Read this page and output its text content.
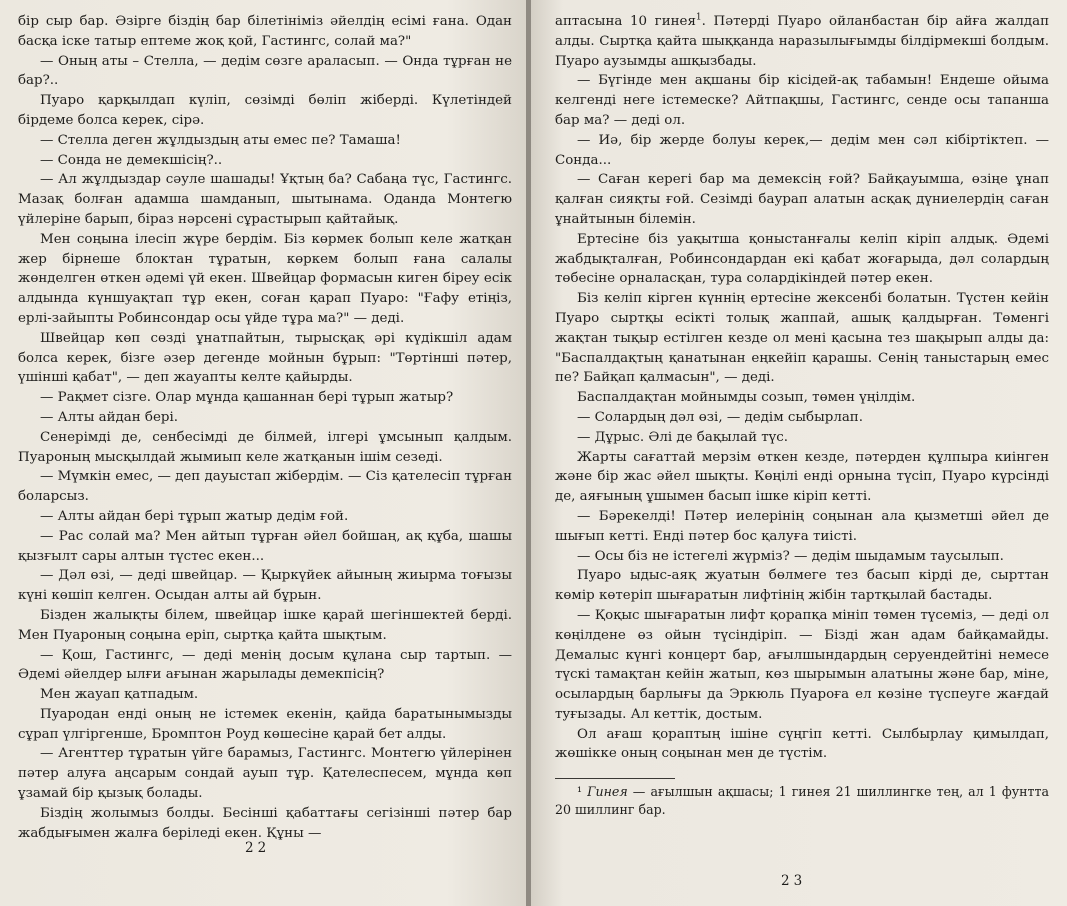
бір сыр бар. Әзірге біздің бар білетініміз әйелдің есімі ғана. Одан басқа іске татыр ептеме жоқ қой, Гастингс, солай ма?"

— Оның аты – Стелла, — дедім сөзге араласып. — Онда тұрған не бар?..

Пуаро қарқылдап күліп, сөзімді бөліп жіберді. Күлетіндей бірдеме болса керек, сірә.

— Стелла деген жұлдыздың аты емес пе? Тамаша!

— Сонда не демекшісің?..

— Ал жұлдыздар сәуле шашады! Ұқтың ба? Сабаңа түс, Гастингс. Мазақ болған адамша шамданып, шытынама. Оданда Монтегю үйлеріне барып, біраз нәрсені сұрастырып қайтайық.

Мен соңына ілесіп жүре бердім. Біз көрмек болып келе жатқан жер бірнеше блоктан тұратын, көркем болып ғана салалы жөнделген өткен әдемі үй екен. Швейцар формасын киген біреу есік алдында күншуақтап тұр екен, соған қарап Пуаро: "Ғафу етіңіз, ерлі-зайыпты Робинсондар осы үйде тұра ма?" — деді.

Швейцар көп сөзді ұнатпайтын, тырысқақ әрі күдікшіл адам болса керек, бізге әзер дегенде мойнын бұрып: "Төртінші пәтер, үшінші қабат", — деп жауапты келте қайырды.

— Рақмет сізге. Олар мұнда қашаннан бері тұрып жатыр?

— Алты айдан бері.

Сенерімді де, сенбесімді де білмей, ілгері ұмсынып қалдым. Пуароның мысқылдай жымиып келе жатқанын ішім сезеді.

— Мүмкін емес, — деп дауыстап жібердім. — Сіз қателесіп тұрған боларсыз.

— Алты айдан бері тұрып жатыр дедім ғой.

— Рас солай ма? Мен айтып тұрған әйел бойшаң, ақ құба, шашы қызғылт сары алтын түстес екен...

— Дәл өзі, — деді швейцар. — Қыркүйек айының жиырма тоғызы күні көшіп келген. Осыдан алты ай бұрын.

Бізден жалықты білем, швейцар ішке қарай шегіншектей берді. Мен Пуароның соңына еріп, сыртқа қайта шықтым.

— Қош, Гастингс, — деді менің досым құлана сыр тартып. — Әдемі әйелдер ылғи ағынан жарылады демекпісің?

Мен жауап қатпадым.

Пуародан енді оның не істемек екенін, қайда баратынымызды сұрап үлгіргенше, Бромптон Роуд көшесіне қарай бет алды.

— Агенттер тұратын үйге барамыз, Гастингс. Монтегю үйлерінен пәтер алуға аңсарым сондай ауып тұр. Қателеспесем, мұнда көп ұзамай бір қызық болады.

Біздің жолымыз болды. Бесінші қабаттағы сегізінші пәтер бар жабдығымен жалға беріледі екен. Құны —

22

аптасына 10 гинея$^1$. Пәтерді Пуаро ойланбастан бір айға жалдап алды. Сыртқа қайта шыққанда наразылығымды білдірмекші болдым. Пуаро аузымды ашқызбады.

— Бүгінде мен ақшаны бір кісідей-ақ табамын! Ендеше ойыма келгенді неге істемеске? Айтпақшы, Гастингс, сенде осы тапанша бар ма? — деді ол.

— Иә, бір жерде болуы керек,— дедім мен сәл кібіртіктеп. — Сонда...

— Саған керегі бар ма демексің ғой? Байқауымша, өзіңе ұнап қалған сияқты ғой. Сезімді баурап алатын асқақ дүниелердің саған ұнайтынын білемін.

Ертесіне біз уақытша қоныстанғалы келіп кіріп алдық. Әдемі жабдықталған, Робинсондардан екі қабат жоғарыда, дәл солардың төбесіне орналасқан, тура солардікіндей пәтер екен.

Біз келіп кірген күннің ертесіне жексенбі болатын. Түстен кейін Пуаро сыртқы есікті толық жаппай, ашық қалдырған. Төменгі жақтан тықыр естілген кезде ол мені қасына тез шақырып алды да: "Баспалдақтың қанатынан еңкейіп қарашы. Сенің таныстарың емес пе? Байқап қалмасын", — деді.

Баспалдақтан мойнымды созып, төмен үңілдім.

— Солардың дәл өзі, — дедім сыбырлап.

— Дұрыс. Әлі де бақылай түс.

Жарты сағаттай мерзім өткен кезде, пәтерден құлпыра киінген және бір жас әйел шықты. Көңілі енді орнына түсіп, Пуаро күрсінді де, аяғының ұшымен басып ішке кіріп кетті.

— Бәрекелді! Пәтер иелерінің соңынан ала қызметші әйел де шығып кетті. Енді пәтер бос қалуға тиісті.

— Осы біз не істегелі жүрміз? — дедім шыдамым таусылып.

Пуаро ыдыс-аяқ жуатын бөлмеге тез басып кірді де, сырттан көмір көтеріп шығаратын лифтінің жібін тартқылай бастады.

— Қоқыс шығаратын лифт қорапқа мініп төмен түсеміз, — деді ол көңілдене өз ойын түсіндіріп. — Бізді жан адам байқамайды. Демалыс күнгі концерт бар, ағылшындардың серуендейтіні немесе түскі тамақтан кейін жатып, көз шырымын алатыны және бар, міне, осылардың барлығы да Эркюль Пуароға ел көзіне түспеуге жағдай туғызады. Ал кеттік, достым.

Ол ағаш қораптың ішіне сүңгіп кетті. Сылбырлау қимылдап, жөшікке оның соңынан мен де түстім.

¹ Гинея — ағылшын ақшасы; 1 гинея 21 шиллингке тең, ал 1 фунтта 20 шиллинг бар.

23
